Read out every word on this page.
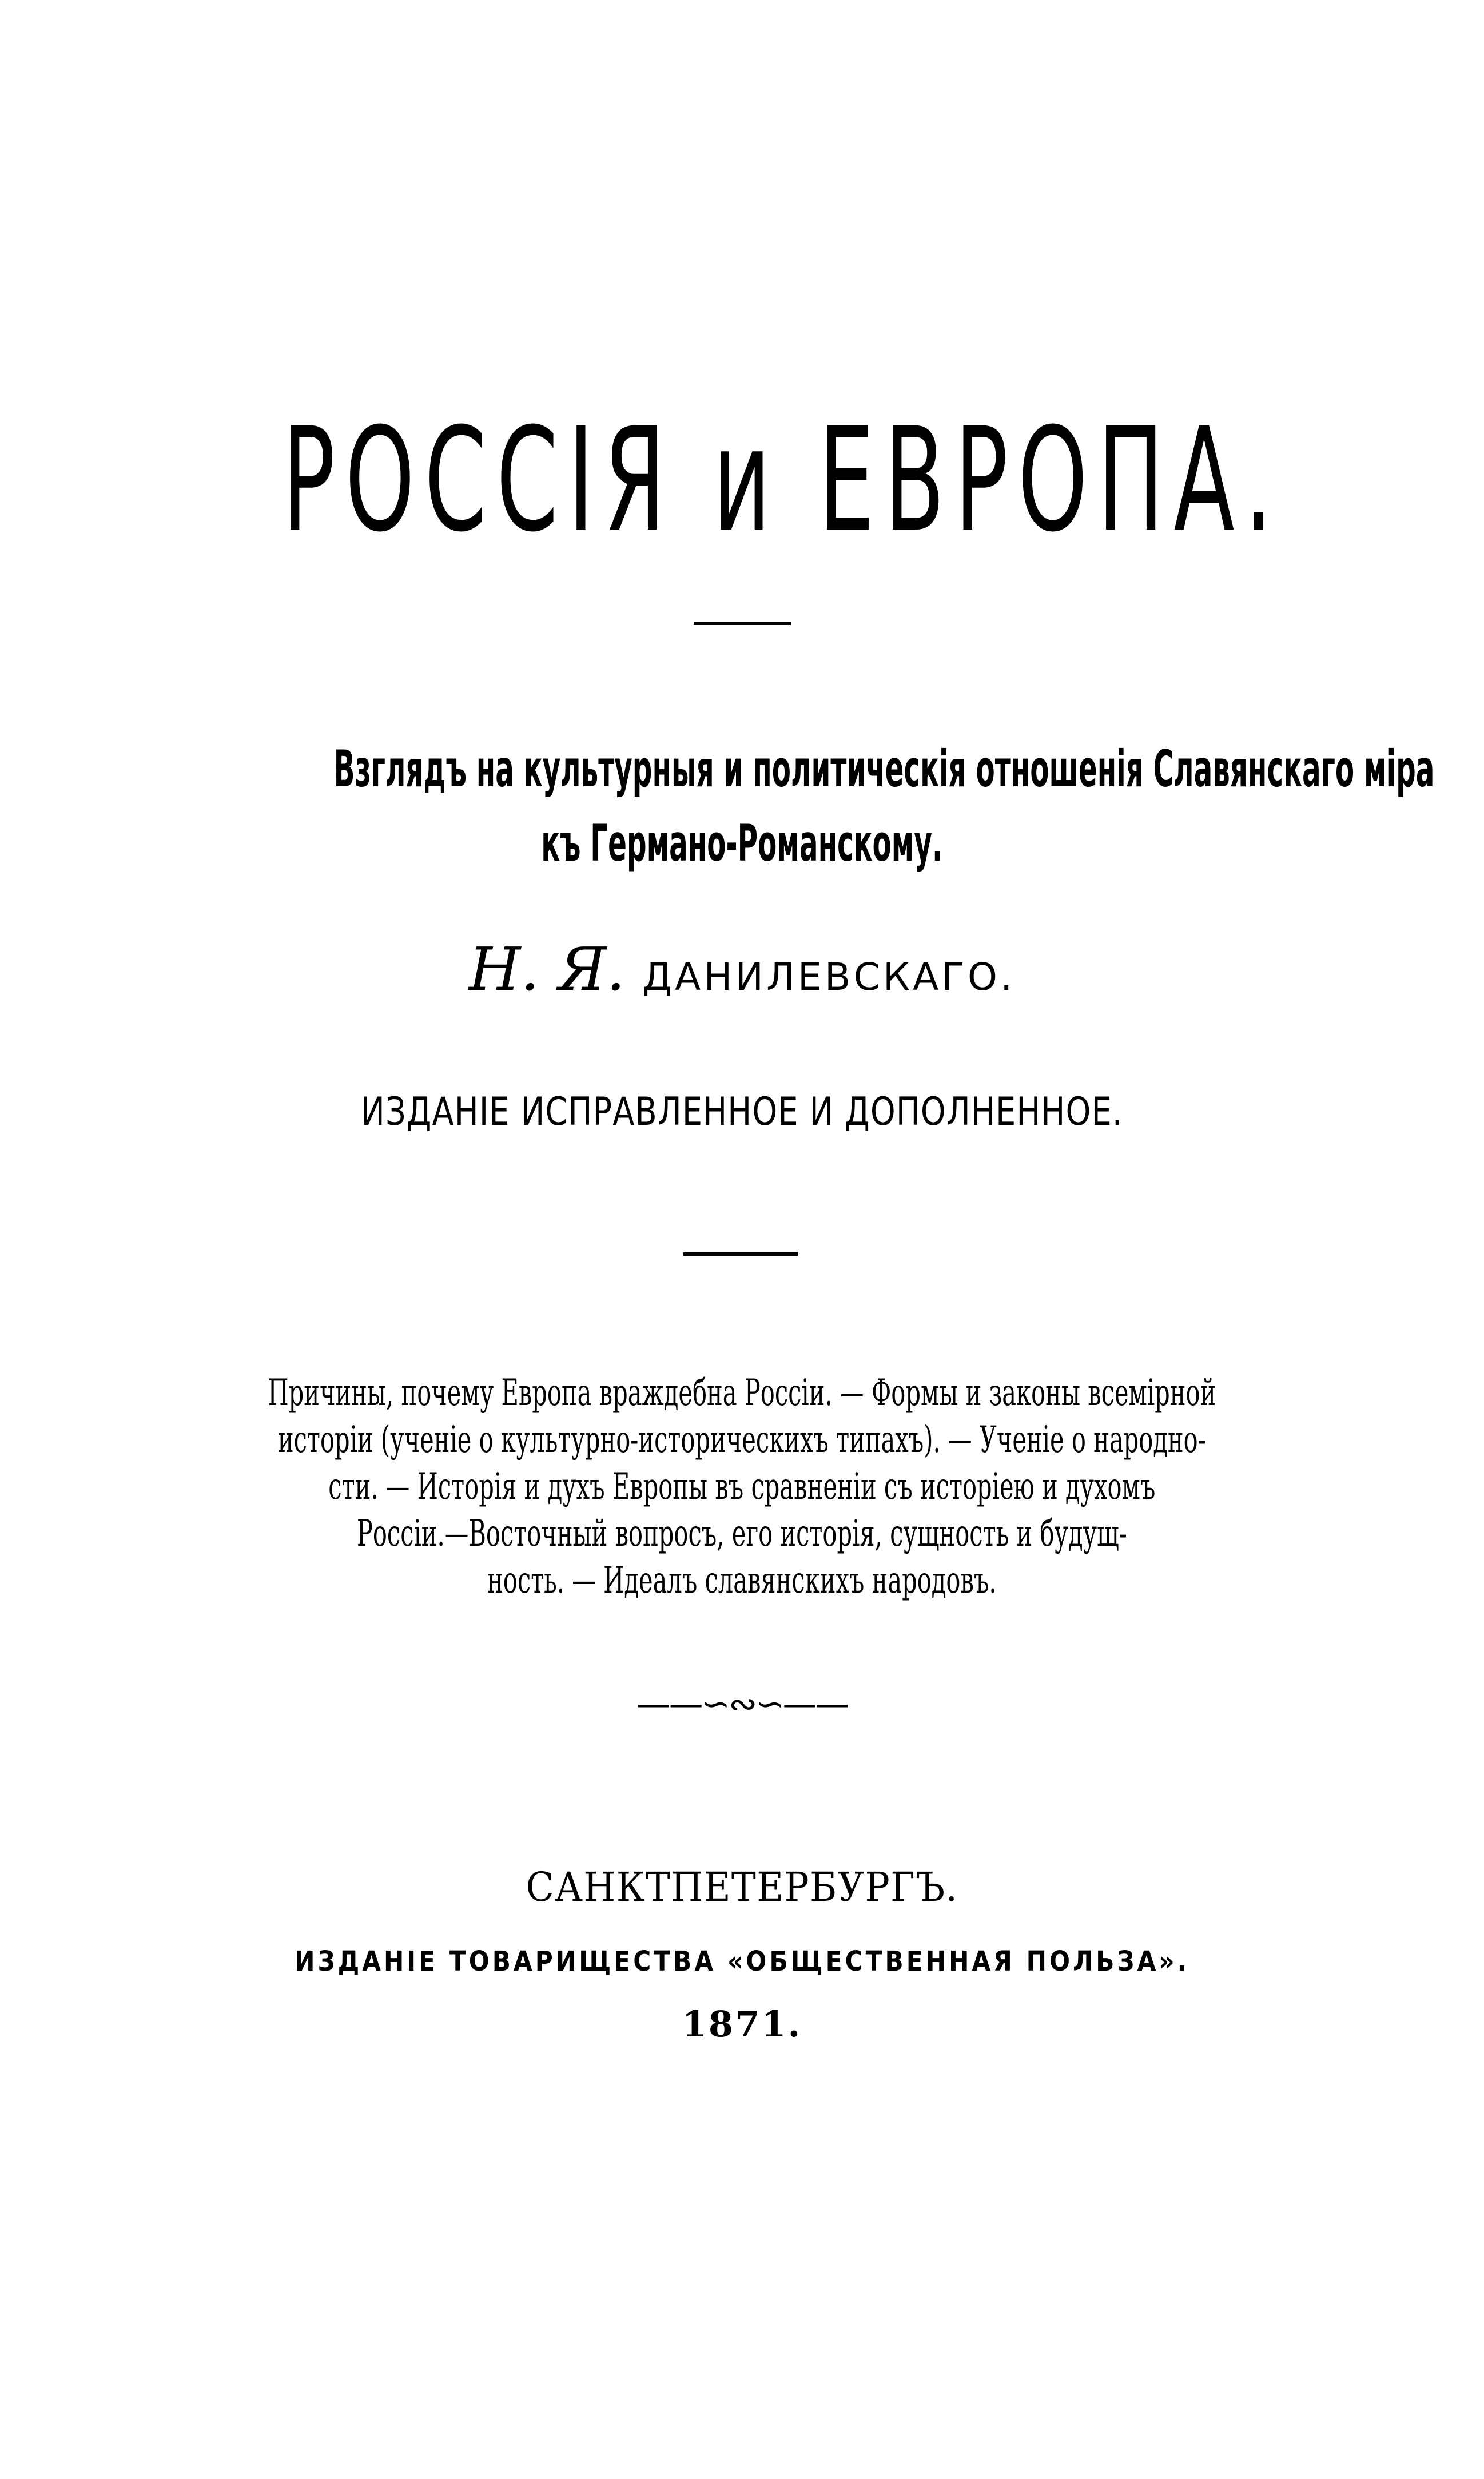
РОССІЯ и ЕВРОПА.
Взглядъ на культурныя и политическія отношенія Славянскаго міра
къ Германо-Романскому.
Н. Я. ДАНИЛЕВСКАГО.
ИЗДАНІЕ ИСПРАВЛЕННОЕ И ДОПОЛНЕННОЕ.
Причины, почему Европа враждебна Россіи. — Формы и законы всемірной
исторіи (ученіе о культурно-историческихъ типахъ). — Ученіе о народно-
сти. — Исторія и духъ Европы въ сравненіи съ исторіею и духомъ
Россіи.—Восточный вопросъ, его исторія, сущность и будущ-
ность. — Идеалъ славянскихъ народовъ.
——∽∾∽——
САНКТПЕТЕРБУРГЪ.
ИЗДАНІЕ ТОВАРИЩЕСТВА «ОБЩЕСТВЕННАЯ ПОЛЬЗА».
1871.
